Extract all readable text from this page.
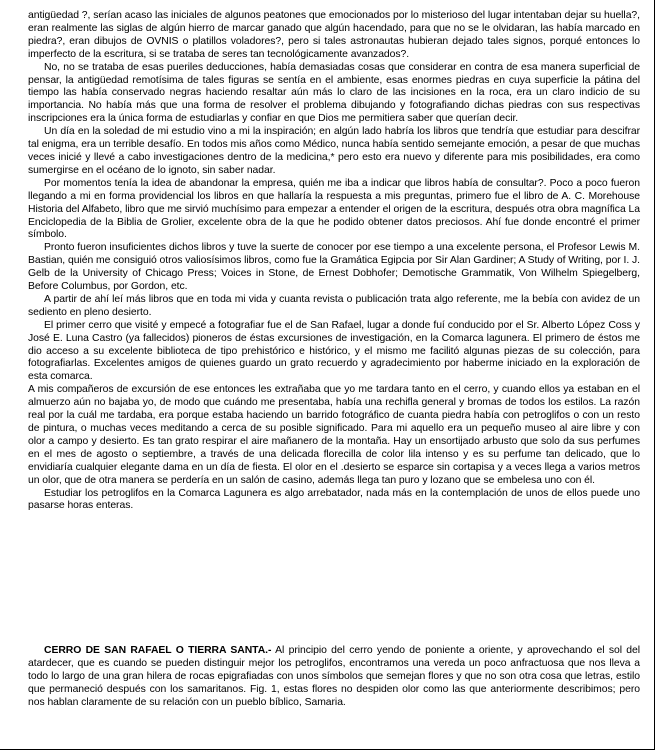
antigüedad ?, serían acaso las iniciales de algunos peatones que emocionados por lo misterioso del lugar intentaban dejar su huella?, eran realmente las siglas de algún hierro de marcar ganado que algún hacendado, para que no se le olvidaran, las había marcado en piedra?, eran dibujos de OVNIS o platillos voladores?, pero si tales astronautas hubieran dejado tales signos, porqué entonces lo imperfecto de la escritura, si se trataba de seres tan tecnológicamente avanzados?.

No, no se trataba de esas pueriles deducciones, había demasiadas cosas que considerar en contra de esa manera superficial de pensar, la antigüedad remotísima de tales figuras se sentía en el ambiente, esas enormes piedras en cuya superficie la pátina del tiempo las había conservado negras haciendo resaltar aún más lo claro de las incisiones en la roca, era un claro indicio de su importancia. No había más que una forma de resolver el problema dibujando y fotografiando dichas piedras con sus respectivas inscripciones era la única forma de estudiarlas y confiar en que Dios me permitiera saber que querían decir.

Un día en la soledad de mi estudio vino a mi la inspiración; en algún lado habría los libros que tendría que estudiar para descifrar tal enigma, era un terrible desafío. En todos mis años como Médico, nunca había sentido semejante emoción, a pesar de que muchas veces inicié y llevé a cabo investigaciones dentro de la medicina,* pero esto era nuevo y diferente para mis posibilidades, era como sumergirse en el océano de lo ignoto, sin saber nadar.

Por momentos tenía la idea de abandonar la empresa, quién me iba a indicar que libros había de consultar?. Poco a poco fueron llegando a mi en forma providencial los libros en que hallaría la respuesta a mis preguntas, primero fue el libro de A. C. Morehouse Historia del Alfabeto, libro que me sirvió muchísimo para empezar a entender el origen de la escritura, después otra obra magnífica La Enciclopedia de la Biblia de Grolier, excelente obra de la que he podido obtener datos preciosos. Ahí fue donde encontré el primer símbolo.

Pronto fueron insuficientes dichos libros y tuve la suerte de conocer por ese tiempo a una excelente persona, el Profesor Lewis M. Bastian, quién me consiguió otros valiosísimos libros, como fue la Gramática Egipcia por Sir Alan Gardiner; A Study of Writing, por I. J. Gelb de la University of Chicago Press; Voices in Stone, de Ernest Dobhofer; Demotische Grammatik, Von Wilhelm Spiegelberg, Before Columbus, por Gordon, etc.

A partir de ahí leí más libros que en toda mi vida y cuanta revista o publicación trata algo referente, me la bebía con avidez de un sediento en pleno desierto.

El primer cerro que visité y empecé a fotografiar fue el de San Rafael, lugar a donde fuí conducido por el Sr. Alberto López Coss y José E. Luna Castro (ya fallecidos) pioneros de éstas excursiones de investigación, en la Comarca lagunera. El primero de éstos me dio acceso a su excelente biblioteca de tipo prehistórico e histórico, y el mismo me facilitó algunas piezas de su colección, para fotografiarlas. Excelentes amigos de quienes guardo un grato recuerdo y agradecimiento por haberme iniciado en la exploración de esta comarca.

A mis compañeros de excursión de ese entonces les extrañaba que yo me tardara tanto en el cerro, y cuando ellos ya estaban en el almuerzo aún no bajaba yo, de modo que cuándo me presentaba, había una rechifla general y bromas de todos los estilos. La razón real por la cuál me tardaba, era porque estaba haciendo un barrido fotográfico de cuanta piedra había con petroglifos o con un resto de pintura, o muchas veces meditando a cerca de su posible significado. Para mi aquello era un pequeño museo al aire libre y con olor a campo y desierto. Es tan grato respirar el aire mañanero de la montaña. Hay un ensortijado arbusto que solo da sus perfumes en el mes de agosto o septiembre, a través de una delicada florecilla de color lila intenso y es su perfume tan delicado, que lo envidiaría cualquier elegante dama en un día de fiesta. El olor en el .desierto se esparce sin cortapisa y a veces llega a varios metros un olor, que de otra manera se perdería en un salón de casino, además llega tan puro y lozano que se embelesa uno con él.

Estudiar los petroglifos en la Comarca Lagunera es algo arrebatador, nada más en la contemplación de unos de ellos puede uno pasarse horas enteras.

CERRO DE SAN RAFAEL O TIERRA SANTA.- Al principio del cerro yendo de poniente a oriente, y aprovechando el sol del atardecer, que es cuando se pueden distinguir mejor los petroglifos, encontramos una vereda un poco anfractuosa que nos lleva a todo lo largo de una gran hilera de rocas epigrafiadas con unos símbolos que semejan flores y que no son otra cosa que letras, estilo que permaneció después con los samaritanos. Fig. 1, estas flores no despiden olor como las que anteriormente describimos; pero nos hablan claramente de su relación con un pueblo bíblico, Samaria.
